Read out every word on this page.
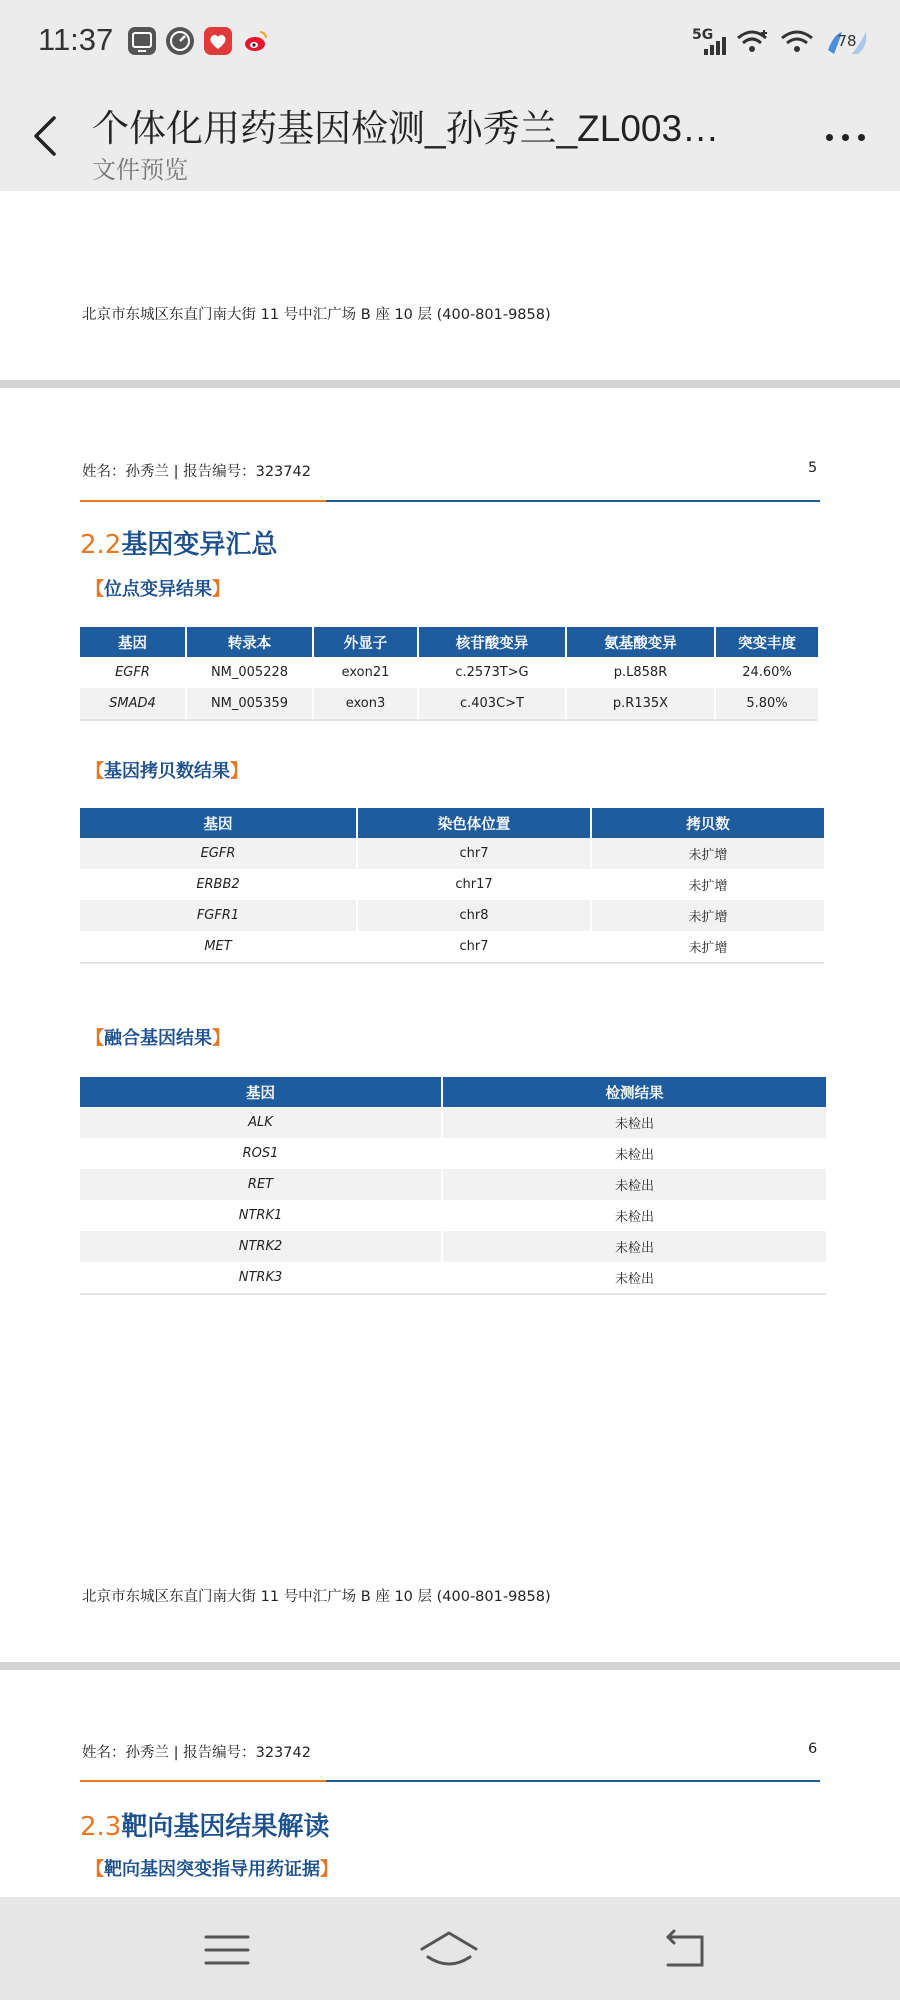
11:37	5G	78
个体化用药基因检测_孙秀兰_ZL003…
文件预览
北京市东城区东直门南大街 11 号中汇广场 B 座 10 层 (400-801-9858)
姓名：孙秀兰 | 报告编号：323742	5
2.2基因变异汇总
【位点变异结果】
基因	转录本	外显子	核苷酸变异	氨基酸变异	突变丰度
EGFR	NM_005228	exon21	c.2573T>G	p.L858R	24.60%
SMAD4	NM_005359	exon3	c.403C>T	p.R135X	5.80%
【基因拷贝数结果】
基因	染色体位置	拷贝数
EGFR	chr7	未扩增
ERBB2	chr17	未扩增
FGFR1	chr8	未扩增
MET	chr7	未扩增
【融合基因结果】
基因	检测结果
ALK	未检出
ROS1	未检出
RET	未检出
NTRK1	未检出
NTRK2	未检出
NTRK3	未检出
北京市东城区东直门南大街 11 号中汇广场 B 座 10 层 (400-801-9858)
姓名：孙秀兰 | 报告编号：323742	6
2.3靶向基因结果解读
【靶向基因突变指导用药证据】
